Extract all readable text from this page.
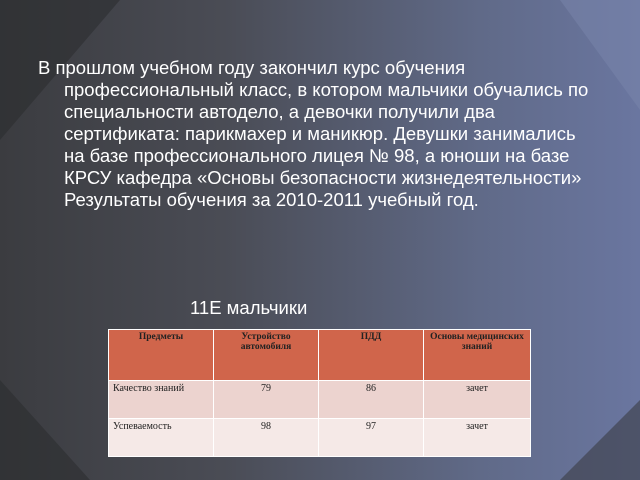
В прошлом учебном году закончил курс обучения профессиональный класс, в котором мальчики обучались по специальности автодело, а девочки получили два сертификата: парикмахер и маникюр. Девушки занимались на базе профессионального лицея № 98, а юноши на базе КРСУ кафедра «Основы безопасности жизнедеятельности» Результаты обучения за 2010-2011 учебный год.
11Е мальчики
Предметы	Устройство автомобиля	ПДД	Основы медицинских знаний
Качество знаний	79	86	зачет
Успеваемость	98	97	зачет
